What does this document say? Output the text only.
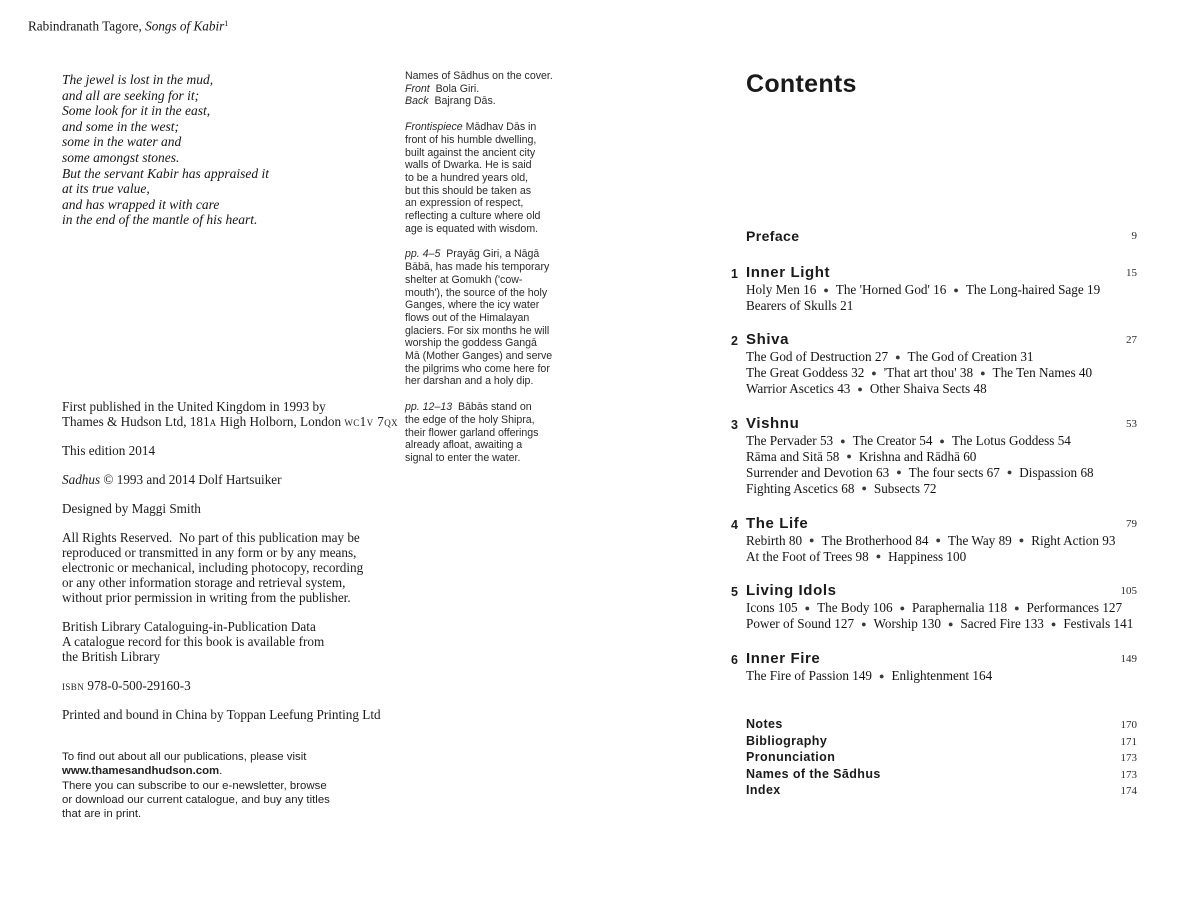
The jewel is lost in the mud,
and all are seeking for it;
Some look for it in the east,
and some in the west;
some in the water and
some amongst stones.
But the servant Kabir has appraised it
at its true value,
and has wrapped it with care
in the end of the mantle of his heart.
Rabindranath Tagore, Songs of Kabir$^1$
First published in the United Kingdom in 1993 by
Thames & Hudson Ltd, 181a High Holborn, London wc1v 7qx
This edition 2014
Sadhus © 1993 and 2014 Dolf Hartsuiker
Designed by Maggi Smith
All Rights Reserved.  No part of this publication may be
reproduced or transmitted in any form or by any means,
electronic or mechanical, including photocopy, recording
or any other information storage and retrieval system,
without prior permission in writing from the publisher.
British Library Cataloguing-in-Publication Data
A catalogue record for this book is available from
the British Library
isbn 978-0-500-29160-3
Printed and bound in China by Toppan Leefung Printing Ltd
To find out about all our publications, please visit
www.thamesandhudson.com.
There you can subscribe to our e-newsletter, browse
or download our current catalogue, and buy any titles
that are in print.
Names of Sādhus on the cover.
Front  Bola Giri.
Back  Bajrang Dās.
Frontispiece Mādhav Dās in
front of his humble dwelling,
built against the ancient city
walls of Dwarka. He is said
to be a hundred years old,
but this should be taken as
an expression of respect,
reflecting a culture where old
age is equated with wisdom.
pp. 4–5  Prayāg Giri, a Nāgā
Bābā, has made his temporary
shelter at Gomukh ('cow-
mouth'), the source of the holy
Ganges, where the icy water
flows out of the Himalayan
glaciers. For six months he will
worship the goddess Gangā
Mā (Mother Ganges) and serve
the pilgrims who come here for
her darshan and a holy dip.
pp. 12–13  Bābās stand on
the edge of the holy Shipra,
their flower garland offerings
already afloat, awaiting a
signal to enter the water.
Contents
Preface	9
1 Inner Light	15
Holy Men 16 ● The 'Horned God' 16 ● The Long-haired Sage 19
Bearers of Skulls 21
2 Shiva	27
The God of Destruction 27 ● The God of Creation 31
The Great Goddess 32 ● 'That art thou' 38 ● The Ten Names 40
Warrior Ascetics 43 ● Other Shaiva Sects 48
3 Vishnu	53
The Pervader 53 ● The Creator 54 ● The Lotus Goddess 54
Rāma and Sitā 58 ● Krishna and Rādhā 60
Surrender and Devotion 63 ● The four sects 67 ● Dispassion 68
Fighting Ascetics 68 ● Subsects 72
4 The Life	79
Rebirth 80 ● The Brotherhood 84 ● The Way 89 ● Right Action 93
At the Foot of Trees 98 ● Happiness 100
5 Living Idols	105
Icons 105 ● The Body 106 ● Paraphernalia 118 ● Performances 127
Power of Sound 127 ● Worship 130 ● Sacred Fire 133 ● Festivals 141
6 Inner Fire	149
The Fire of Passion 149 ● Enlightenment 164
Notes	170
Bibliography	171
Pronunciation	173
Names of the Sādhus	173
Index	174
